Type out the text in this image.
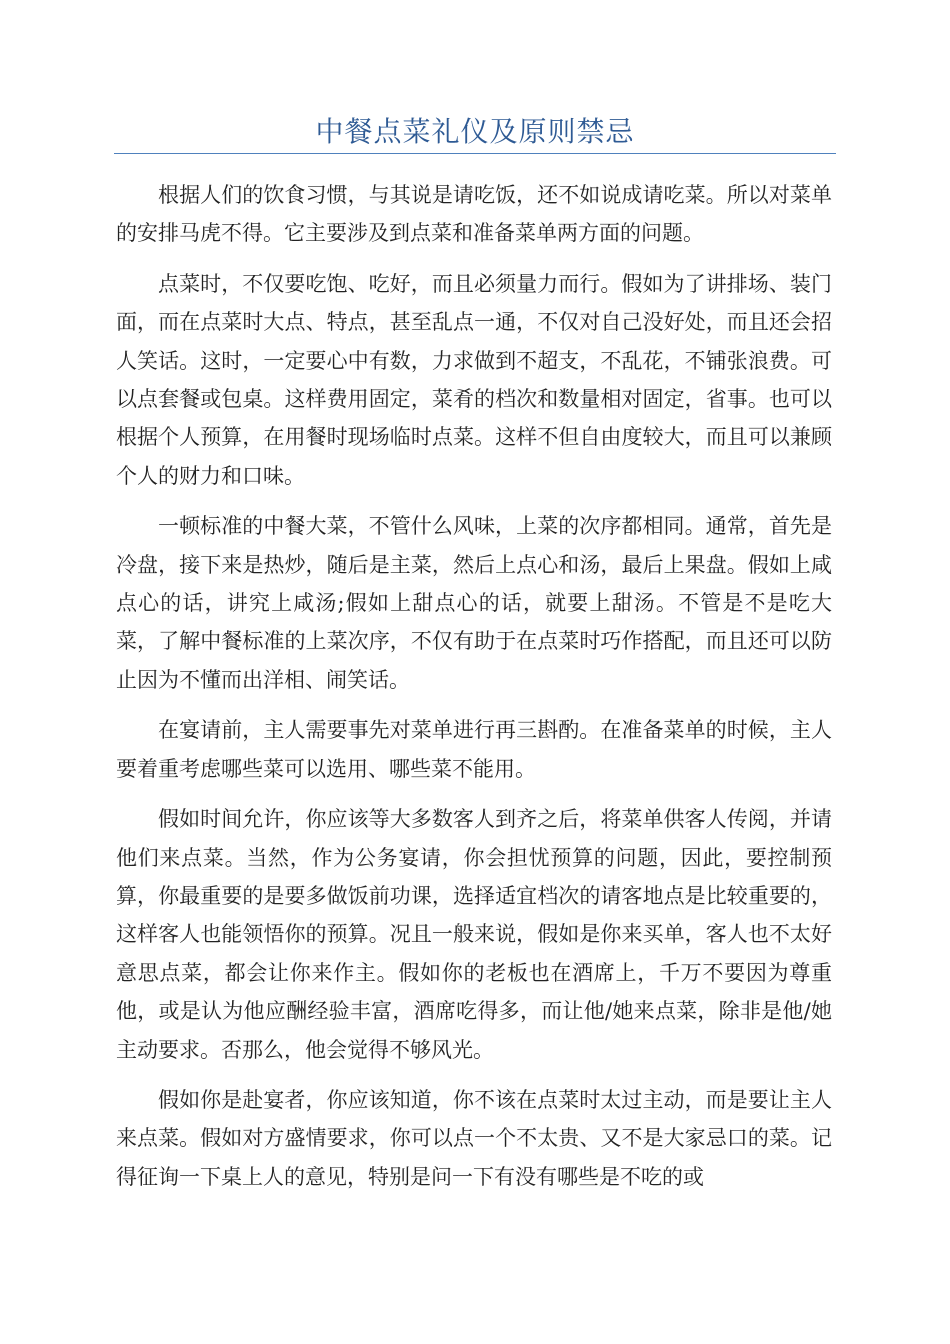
中餐点菜礼仪及原则禁忌

根据人们的饮食习惯，与其说是请吃饭，还不如说成请吃菜。所以对菜单的安排马虎不得。它主要涉及到点菜和准备菜单两方面的问题。

点菜时，不仅要吃饱、吃好，而且必须量力而行。假如为了讲排场、装门面，而在点菜时大点、特点，甚至乱点一通，不仅对自己没好处，而且还会招人笑话。这时，一定要心中有数，力求做到不超支，不乱花，不铺张浪费。可以点套餐或包桌。这样费用固定，菜肴的档次和数量相对固定，省事。也可以根据个人预算，在用餐时现场临时点菜。这样不但自由度较大，而且可以兼顾个人的财力和口味。

一顿标准的中餐大菜，不管什么风味，上菜的次序都相同。通常，首先是冷盘，接下来是热炒，随后是主菜，然后上点心和汤，最后上果盘。假如上咸点心的话，讲究上咸汤;假如上甜点心的话，就要上甜汤。不管是不是吃大菜，了解中餐标准的上菜次序，不仅有助于在点菜时巧作搭配，而且还可以防止因为不懂而出洋相、闹笑话。

在宴请前，主人需要事先对菜单进行再三斟酌。在准备菜单的时候，主人要着重考虑哪些菜可以选用、哪些菜不能用。

假如时间允许，你应该等大多数客人到齐之后，将菜单供客人传阅，并请他们来点菜。当然，作为公务宴请，你会担忧预算的问题，因此，要控制预算，你最重要的是要多做饭前功课，选择适宜档次的请客地点是比较重要的，这样客人也能领悟你的预算。况且一般来说，假如是你来买单，客人也不太好意思点菜，都会让你来作主。假如你的老板也在酒席上，千万不要因为尊重他，或是认为他应酬经验丰富，酒席吃得多，而让他/她来点菜，除非是他/她主动要求。否那么，他会觉得不够风光。

假如你是赴宴者，你应该知道，你不该在点菜时太过主动，而是要让主人来点菜。假如对方盛情要求，你可以点一个不太贵、又不是大家忌口的菜。记得征询一下桌上人的意见，特别是问一下有没有哪些是不吃的或
